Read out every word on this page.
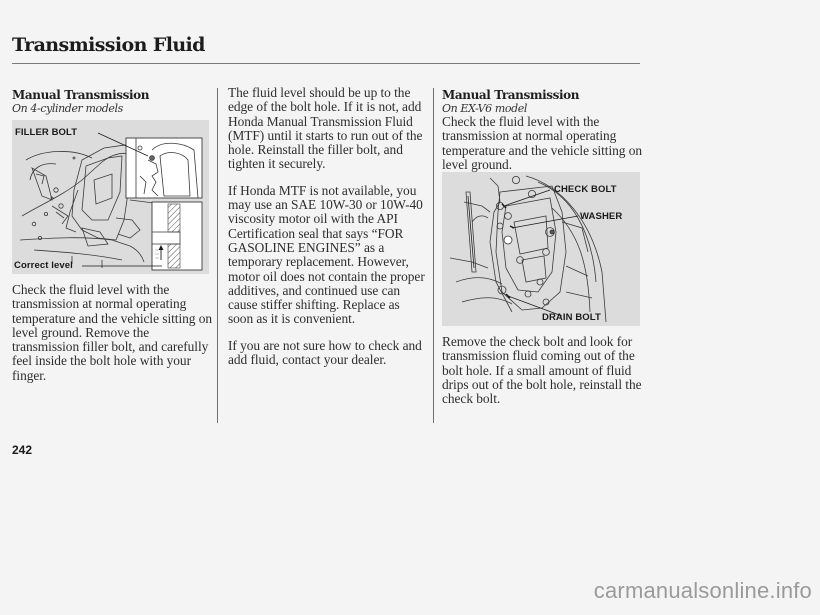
Transmission Fluid

Manual Transmission

On 4-cylinder models

FILLER BOLT
Correct level

Check the fluid level with the transmission at normal operating temperature and the vehicle sitting on level ground. Remove the transmission filler bolt, and carefully feel inside the bolt hole with your finger.

The fluid level should be up to the edge of the bolt hole. If it is not, add Honda Manual Transmission Fluid (MTF) until it starts to run out of the hole. Reinstall the filler bolt, and tighten it securely.

If Honda MTF is not available, you may use an SAE 10W-30 or 10W-40 viscosity motor oil with the API Certification seal that says “FOR GASOLINE ENGINES” as a temporary replacement. However, motor oil does not contain the proper additives, and continued use can cause stiffer shifting. Replace as soon as it is convenient.

If you are not sure how to check and add fluid, contact your dealer.

Manual Transmission

On EX-V6 model

Check the fluid level with the transmission at normal operating temperature and the vehicle sitting on level ground.

CHECK BOLT
WASHER
DRAIN BOLT

Remove the check bolt and look for transmission fluid coming out of the bolt hole. If a small amount of fluid drips out of the bolt hole, reinstall the check bolt.

242
carmanualsonline.info
